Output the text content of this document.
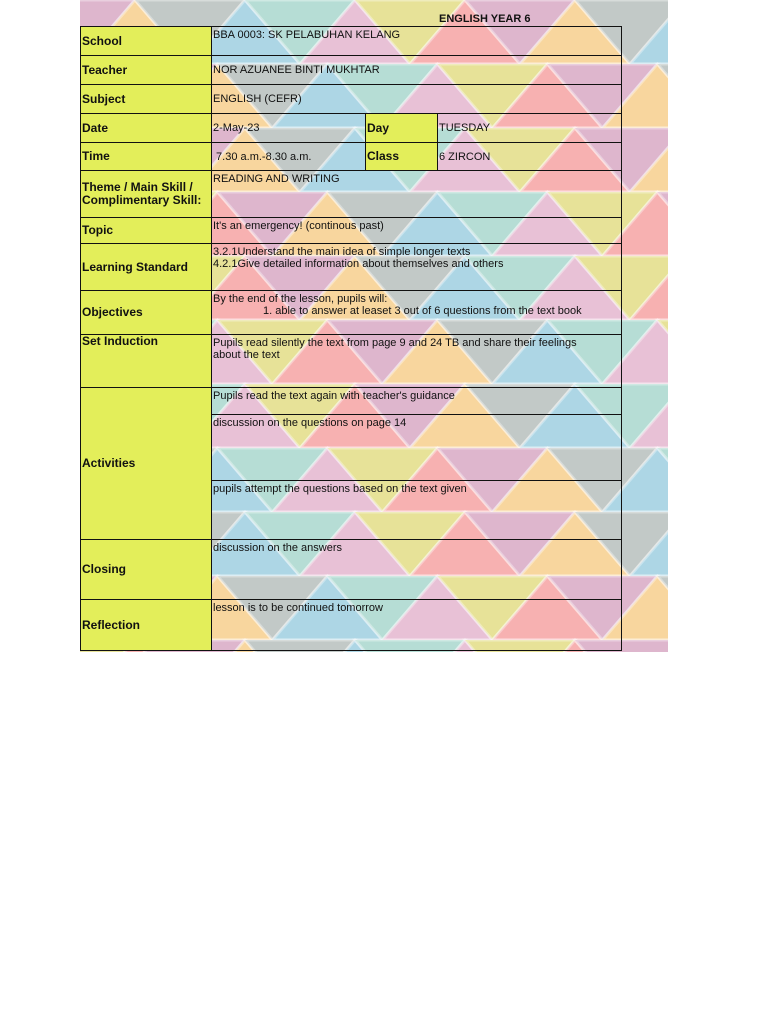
ENGLISH YEAR 6
School	BBA 0003: SK PELABUHAN KELANG		
Teacher	NOR AZUANEE BINTI MUKHTAR		
Subject	ENGLISH (CEFR)		
Date	2-May-23	Day	TUESDAY
Time	7.30 a.m.-8.30 a.m.	Class	6 ZIRCON

Theme / Main Skill /
Complimentary Skill:	READING AND WRITING		
Topic	It's an emergency! (continous past)		
Learning Standard	3.2.1Understand the main idea of simple longer texts
4.2.1Give detailed information about themselves and others		

Objectives	By the end of the lesson, pupils will:
1. able to answer at leaset 3 out of 6 questions from the text book		

Set Induction	Pupils read silently the text from page 9 and 24 TB and share their feelings
about the text		

Activities	Pupils read the text again with teacher's guidance		
	discussion on the questions on page 14		
	pupils attempt the questions based on the text given		
Closing	discussion on the answers		
Reflection	lesson is to be continued tomorrow		
